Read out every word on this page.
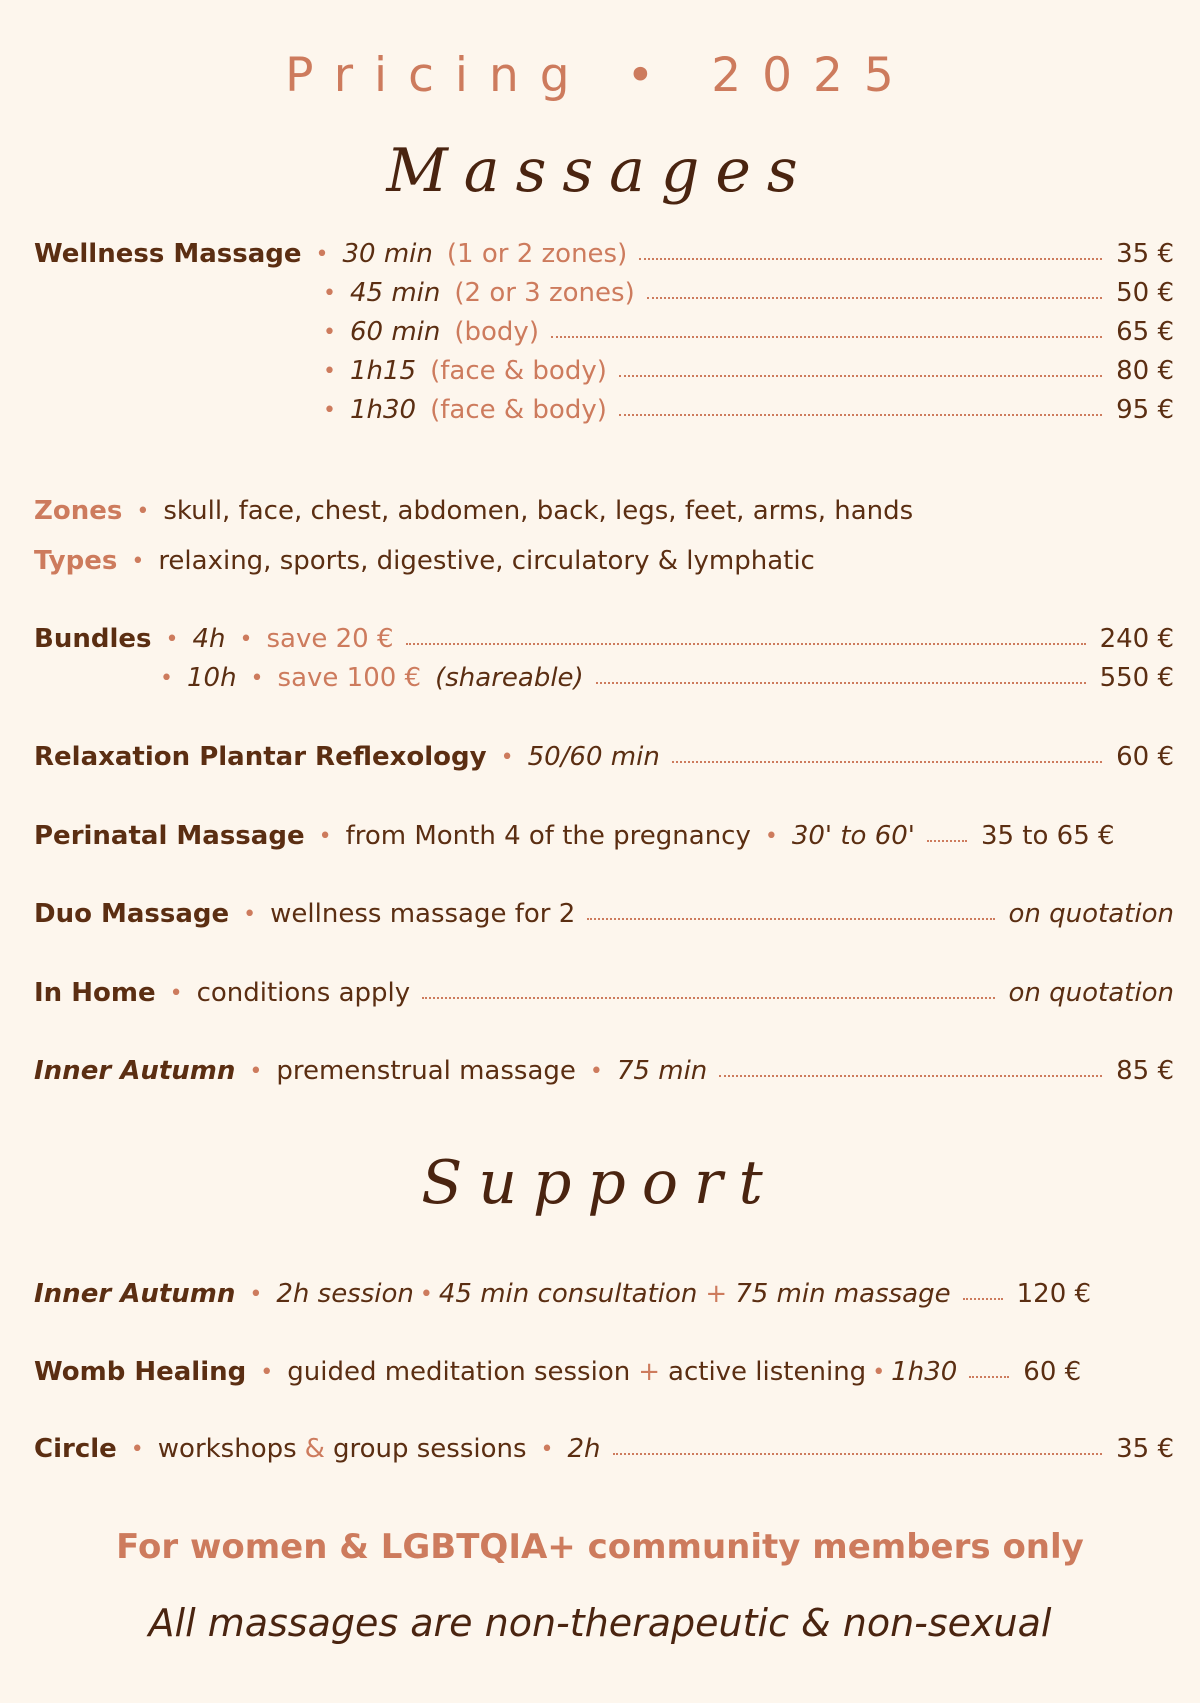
Pricing • 2025
Massages
Wellness Massage • 30 min (1 or 2 zones)	35 €
• 45 min (2 or 3 zones)	50 €
• 60 min (body)	65 €
• 1h15 (face & body)	80 €
• 1h30 (face & body)	95 €
Zones • skull, face, chest, abdomen, back, legs, feet, arms, hands
Types • relaxing, sports, digestive, circulatory & lymphatic
Bundles • 4h • save 20 €	240 €
• 10h • save 100 € (shareable)	550 €
Relaxation Plantar Reflexology • 50/60 min	60 €
Perinatal Massage • from Month 4 of the pregnancy • 30' to 60'	35 to 65 €
Duo Massage • wellness massage for 2	on quotation
In Home • conditions apply	on quotation
Inner Autumn • premenstrual massage • 75 min	85 €
Support
Inner Autumn • 2h session • 45 min consultation + 75 min massage	120 €
Womb Healing • guided meditation session + active listening • 1h30	60 €
Circle • workshops & group sessions • 2h	35 €
For women & LGBTQIA+ community members only
All massages are non-therapeutic & non-sexual
